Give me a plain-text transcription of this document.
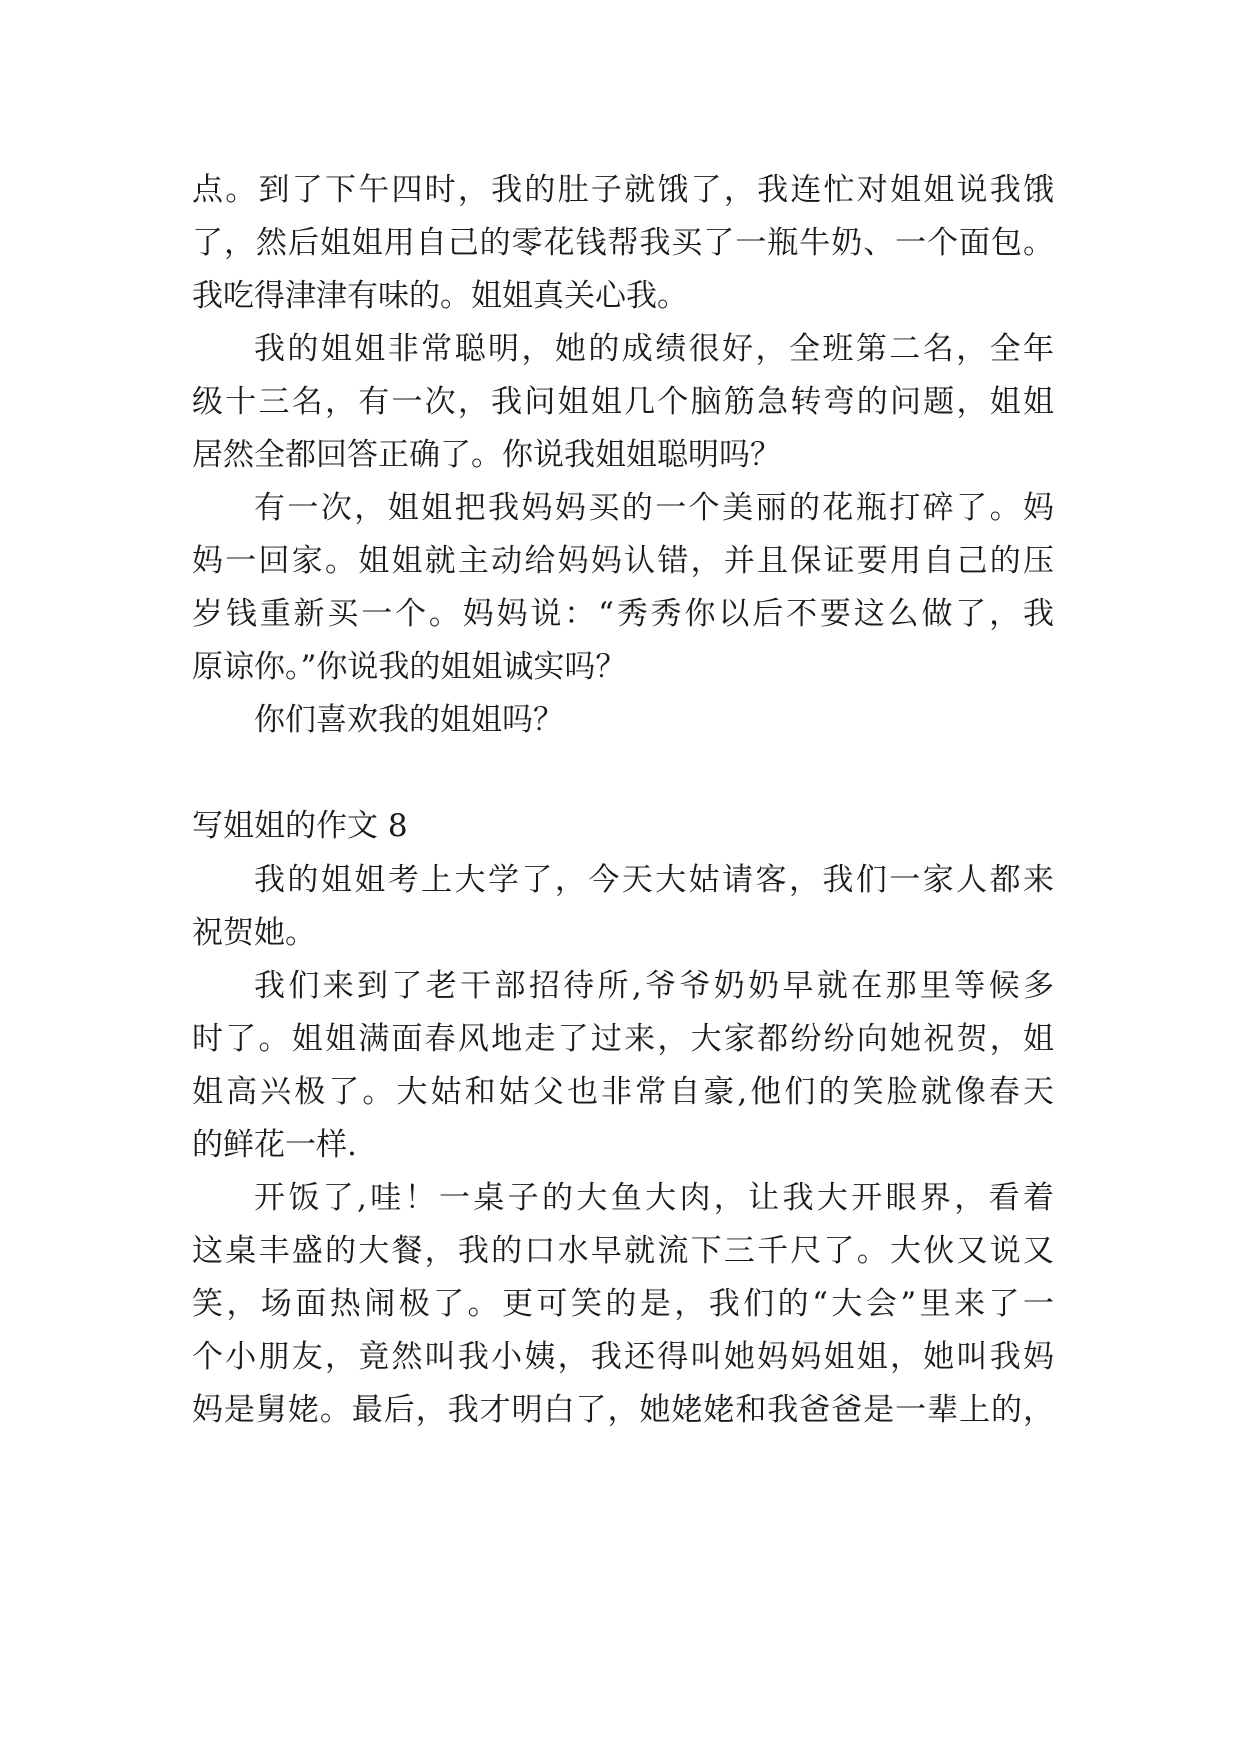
点。到了下午四时，我的肚子就饿了，我连忙对姐姐说我饿
了，然后姐姐用自己的零花钱帮我买了一瓶牛奶、一个面包。
我吃得津津有味的。姐姐真关心我。
我的姐姐非常聪明，她的成绩很好，全班第二名，全年
级十三名，有一次，我问姐姐几个脑筋急转弯的问题，姐姐
居然全都回答正确了。你说我姐姐聪明吗？
有一次，姐姐把我妈妈买的一个美丽的花瓶打碎了。妈
妈一回家。姐姐就主动给妈妈认错，并且保证要用自己的压
岁钱重新买一个。妈妈说：“秀秀你以后不要这么做了，我
原谅你。”你说我的姐姐诚实吗？
你们喜欢我的姐姐吗？
写姐姐的作文 8
我的姐姐考上大学了，今天大姑请客，我们一家人都来
祝贺她。
我们来到了老干部招待所,爷爷奶奶早就在那里等候多
时了。姐姐满面春风地走了过来，大家都纷纷向她祝贺，姐
姐高兴极了。大姑和姑父也非常自豪,他们的笑脸就像春天
的鲜花一样.
开饭了,哇！一桌子的大鱼大肉，让我大开眼界，看着
这桌丰盛的大餐，我的口水早就流下三千尺了。大伙又说又
笑，场面热闹极了。更可笑的是，我们的“大会”里来了一
个小朋友，竟然叫我小姨，我还得叫她妈妈姐姐，她叫我妈
妈是舅姥。最后，我才明白了，她姥姥和我爸爸是一辈上的，
